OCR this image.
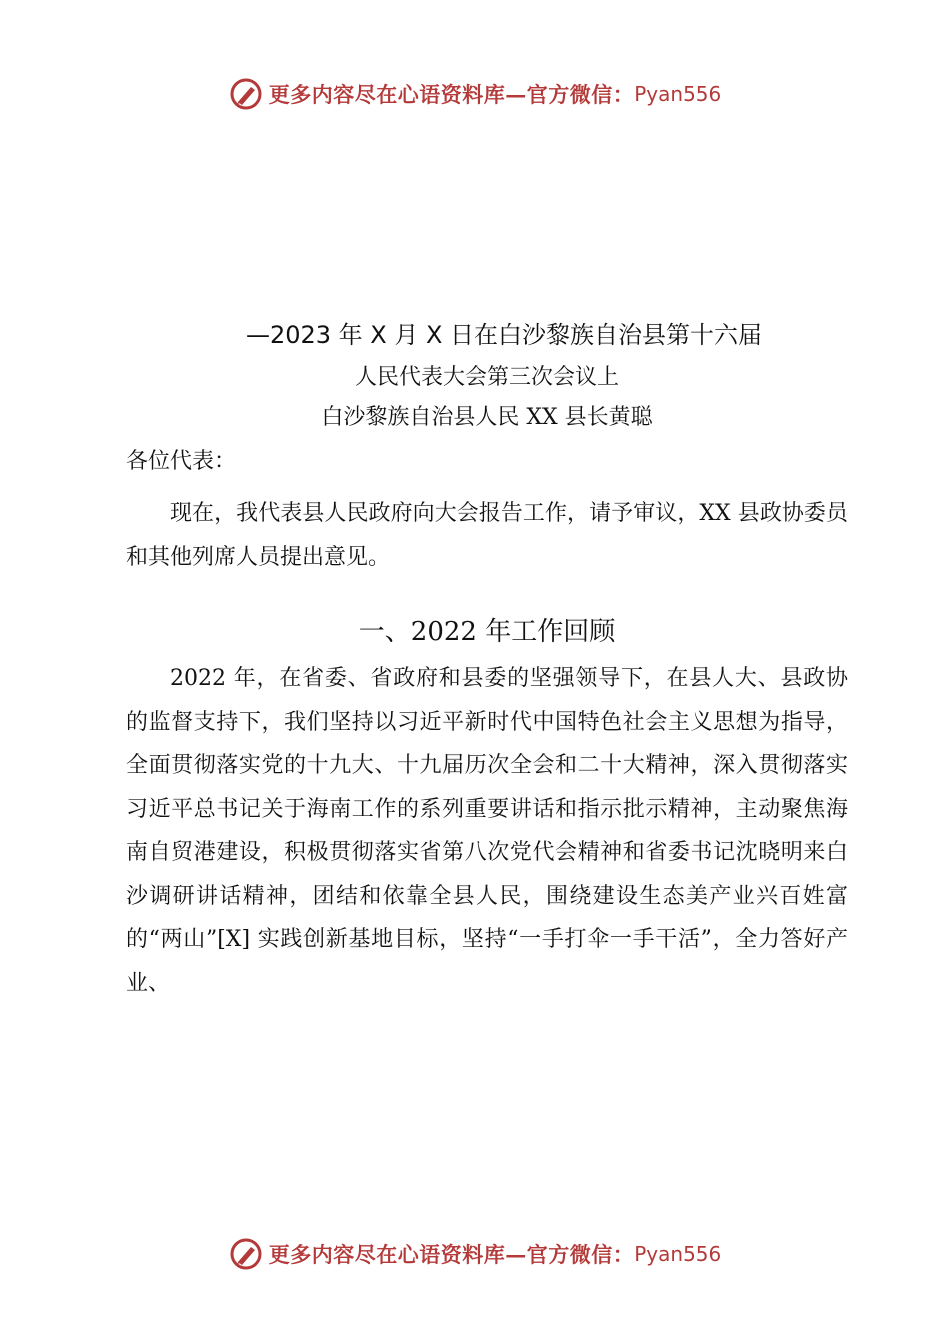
更多内容尽在心语资料库—官方微信： Pyan556
—2023 年 X 月 X 日在白沙黎族自治县第十六届
人民代表大会第三次会议上
白沙黎族自治县人民 XX 县长黄聪
各位代表：

现在，我代表县人民政府向大会报告工作，请予审议，XX 县政协委员和其他列席人员提出意见。

一、2022 年工作回顾

2022 年，在省委、省政府和县委的坚强领导下，在县人大、县政协的监督支持下，我们坚持以习近平新时代中国特色社会主义思想为指导，全面贯彻落实党的十九大、十九届历次全会和二十大精神，深入贯彻落实习近平总书记关于海南工作的系列重要讲话和指示批示精神，主动聚焦海南自贸港建设，积极贯彻落实省第八次党代会精神和省委书记沈晓明来白沙调研讲话精神，团结和依靠全县人民，围绕建设生态美产业兴百姓富的“两山”[X] 实践创新基地目标，坚持“一手打伞一手干活”，全力答好产业、

更多内容尽在心语资料库—官方微信： Pyan556
